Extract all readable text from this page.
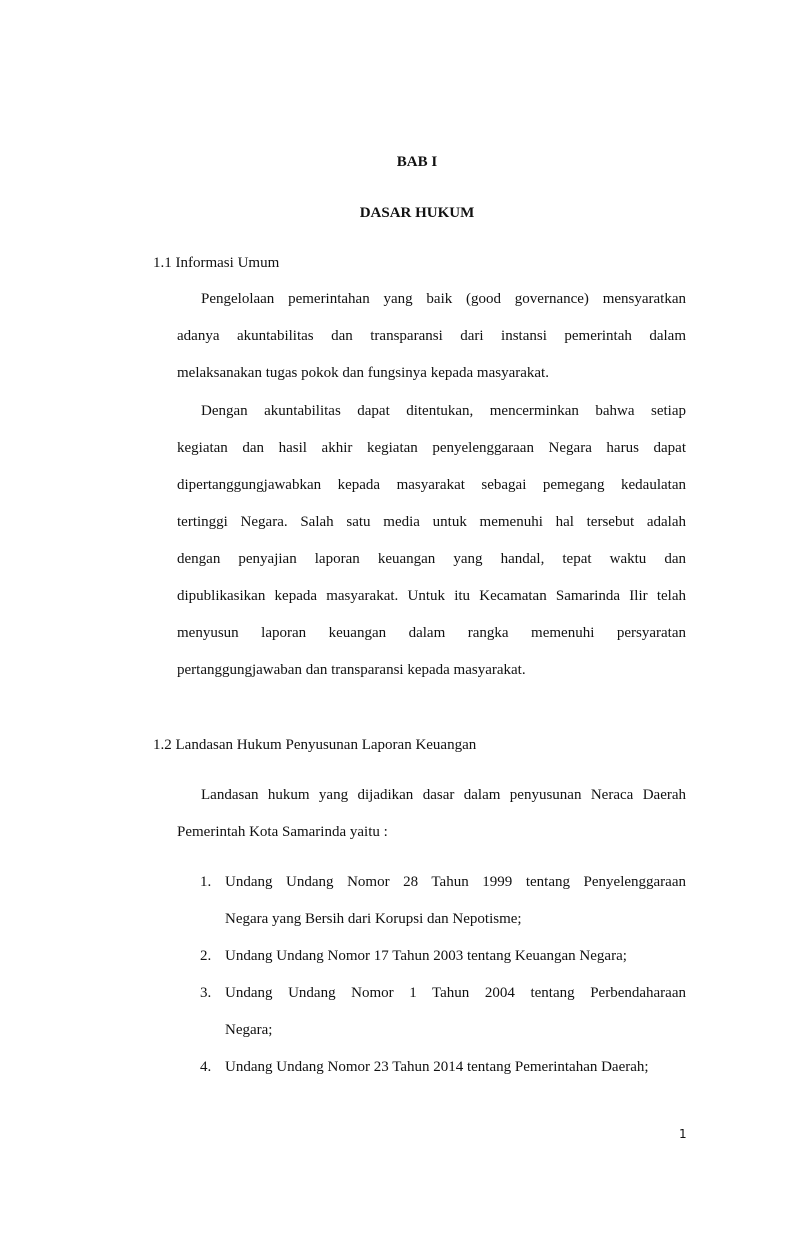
BAB I
DASAR HUKUM
1.1 Informasi Umum
Pengelolaan pemerintahan yang baik (good governance) mensyaratkan
adanya akuntabilitas dan transparansi dari instansi pemerintah dalam
melaksanakan tugas pokok dan fungsinya kepada masyarakat.
Dengan akuntabilitas dapat ditentukan, mencerminkan bahwa setiap
kegiatan dan hasil akhir kegiatan penyelenggaraan Negara harus dapat
dipertanggungjawabkan kepada masyarakat sebagai pemegang kedaulatan
tertinggi Negara. Salah satu media untuk memenuhi hal tersebut adalah
dengan penyajian laporan keuangan yang handal, tepat waktu dan
dipublikasikan kepada masyarakat. Untuk itu Kecamatan Samarinda Ilir telah
menyusun laporan keuangan dalam rangka memenuhi persyaratan
pertanggungjawaban dan transparansi kepada masyarakat.
1.2 Landasan Hukum Penyusunan Laporan Keuangan
Landasan hukum yang dijadikan dasar dalam penyusunan Neraca Daerah
Pemerintah Kota Samarinda yaitu :
1. Undang Undang Nomor 28 Tahun 1999 tentang Penyelenggaraan
Negara yang Bersih dari Korupsi dan Nepotisme;
2. Undang Undang Nomor 17 Tahun 2003 tentang Keuangan Negara;
3. Undang Undang Nomor 1 Tahun 2004 tentang Perbendaharaan
Negara;
4. Undang Undang Nomor 23 Tahun 2014 tentang Pemerintahan Daerah;
1
